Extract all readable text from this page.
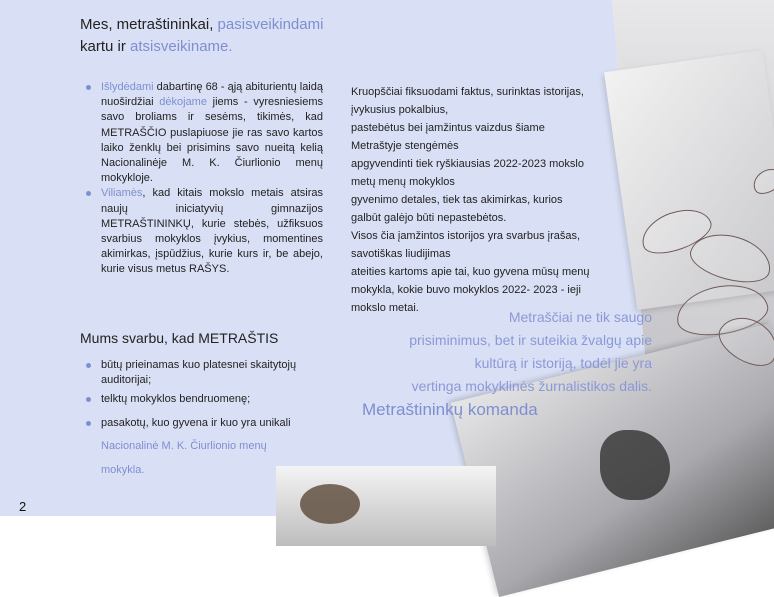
Mes, metraštininkai, pasisveikindami
kartu ir atsisveikiname.
Išlydėdami dabartinę 68 - ąją abiturientų laidą nuoširdžiai dėkojame jiems - vyresniesiems savo broliams ir sesėms, tikimės, kad METRAŠČIO puslapiuose jie ras savo kartos laiko ženklų bei prisimins savo nueitą kelią Nacionalinėje M. K. Čiurlionio menų mokykloje.
Viliamės, kad kitais mokslo metais atsiras naujų iniciatyvių gimnazijos METRAŠTININKŲ, kurie stebės, užfiksuos svarbius mokyklos įvykius, momentines akimirkas, įspūdžius, kurie kurs ir, be abejo, kurie visus metus RAŠYS.
Mums svarbu, kad METRAŠTIS
būtų prieinamas kuo platesnei skaitytojų auditorijai;
telktų mokyklos bendruomenę;
pasakotų, kuo gyvena ir kuo yra unikali
Nacionalinė M. K. Čiurlionio menų
mokykla.
Kruopščiai fiksuodami faktus, surinktas istorijas,
įvykusius pokalbius,
pastebėtus bei įamžintus vaizdus šiame
Metraštyje stengėmės
apgyvendinti tiek ryškiausias 2022-2023 mokslo
metų menų mokyklos
gyvenimo detales, tiek tas akimirkas, kurios
galbūt galėjo būti nepastebėtos.
Visos čia įamžintos istorijos yra svarbus įrašas,
savotiškas liudijimas
ateities kartoms apie tai, kuo gyvena mūsų menų
mokykla, kokie buvo mokyklos 2022- 2023 - ieji
mokslo metai.
Metraščiai ne tik saugo
prisiminimus, bet ir suteikia žvalgų apie
kultūrą ir istoriją, todėl jie yra
vertinga mokyklinės žurnalistikos dalis.
Metraštininkų komanda
2
